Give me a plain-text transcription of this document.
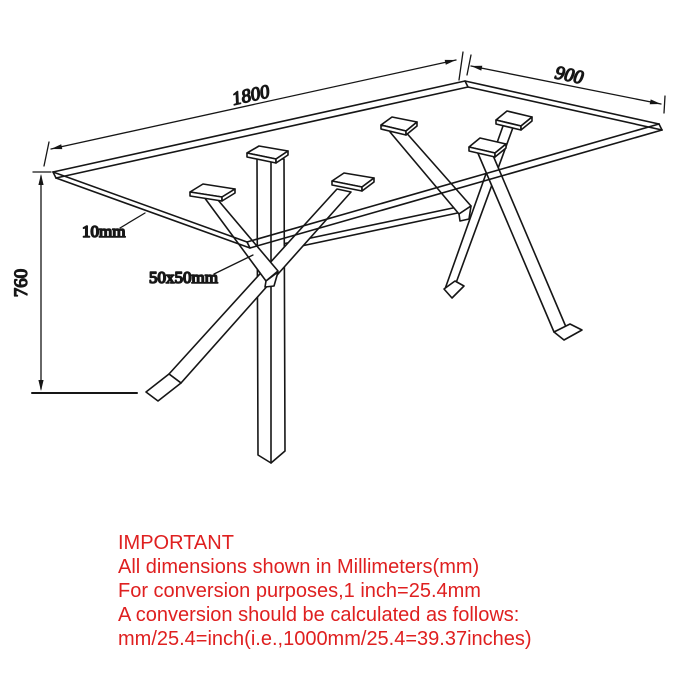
1800
900
760
10mm
50x50mm
IMPORTANT
All dimensions shown in Millimeters(mm)
For conversion purposes,1 inch=25.4mm
A conversion should be calculated as follows:
mm/25.4=inch(i.e.,1000mm/25.4=39.37inches)
